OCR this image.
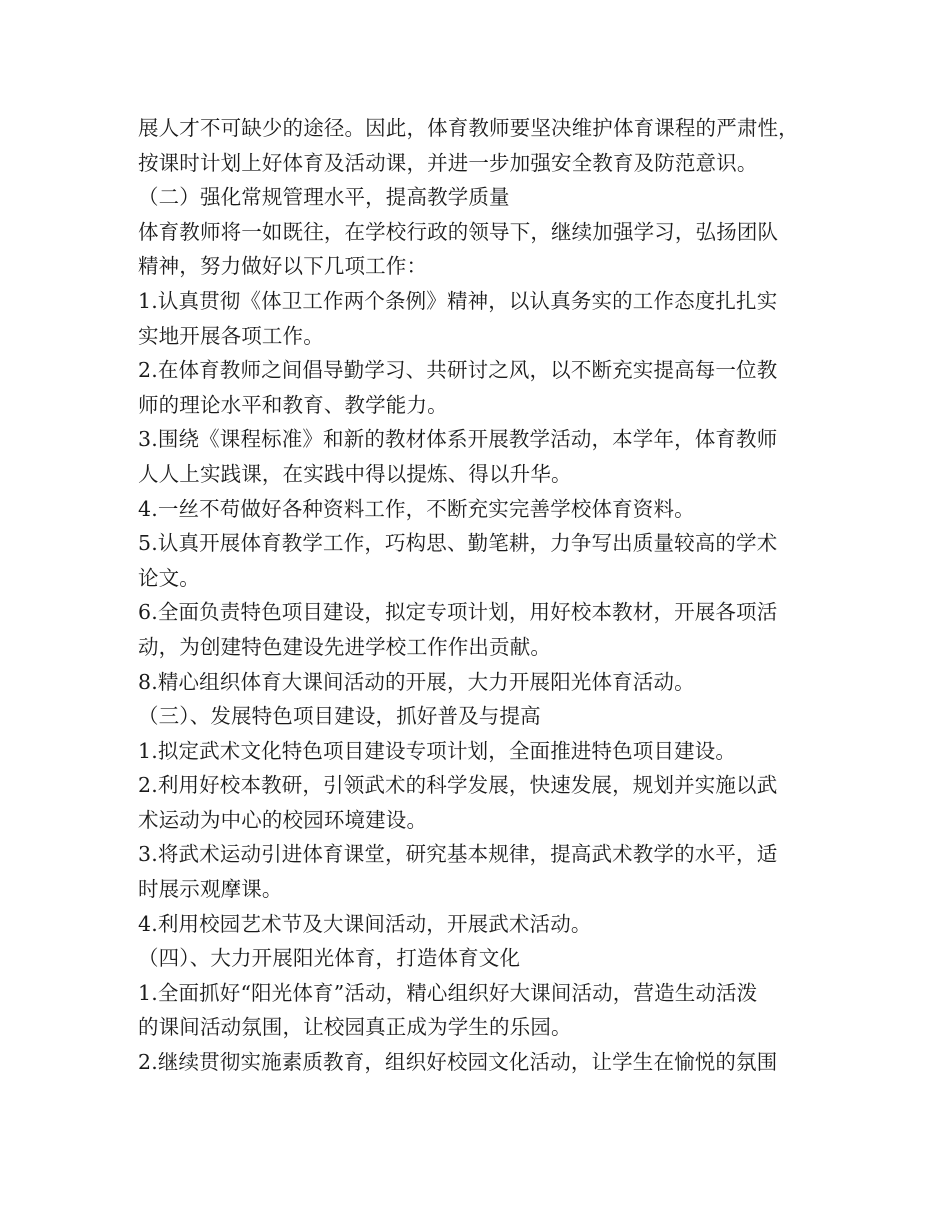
展人才不可缺少的途径。因此，体育教师要坚决维护体育课程的严肃性，
按课时计划上好体育及活动课，并进一步加强安全教育及防范意识。
（二）强化常规管理水平，提高教学质量
体育教师将一如既往，在学校行政的领导下，继续加强学习，弘扬团队
精神，努力做好以下几项工作：
1.认真贯彻《体卫工作两个条例》精神，以认真务实的工作态度扎扎实
实地开展各项工作。
2.在体育教师之间倡导勤学习、共研讨之风，以不断充实提高每一位教
师的理论水平和教育、教学能力。
3.围绕《课程标准》和新的教材体系开展教学活动，本学年，体育教师
人人上实践课，在实践中得以提炼、得以升华。
4.一丝不苟做好各种资料工作，不断充实完善学校体育资料。
5.认真开展体育教学工作，巧构思、勤笔耕，力争写出质量较高的学术
论文。
6.全面负责特色项目建设，拟定专项计划，用好校本教材，开展各项活
动，为创建特色建设先进学校工作作出贡献。
8.精心组织体育大课间活动的开展，大力开展阳光体育活动。
（三）、发展特色项目建设，抓好普及与提高
1.拟定武术文化特色项目建设专项计划，全面推进特色项目建设。
2.利用好校本教研，引领武术的科学发展，快速发展，规划并实施以武
术运动为中心的校园环境建设。
3.将武术运动引进体育课堂，研究基本规律，提高武术教学的水平，适
时展示观摩课。
4.利用校园艺术节及大课间活动，开展武术活动。
（四）、大力开展阳光体育，打造体育文化
1.全面抓好“阳光体育”活动，精心组织好大课间活动，营造生动活泼
的课间活动氛围，让校园真正成为学生的乐园。
2.继续贯彻实施素质教育，组织好校园文化活动，让学生在愉悦的氛围
